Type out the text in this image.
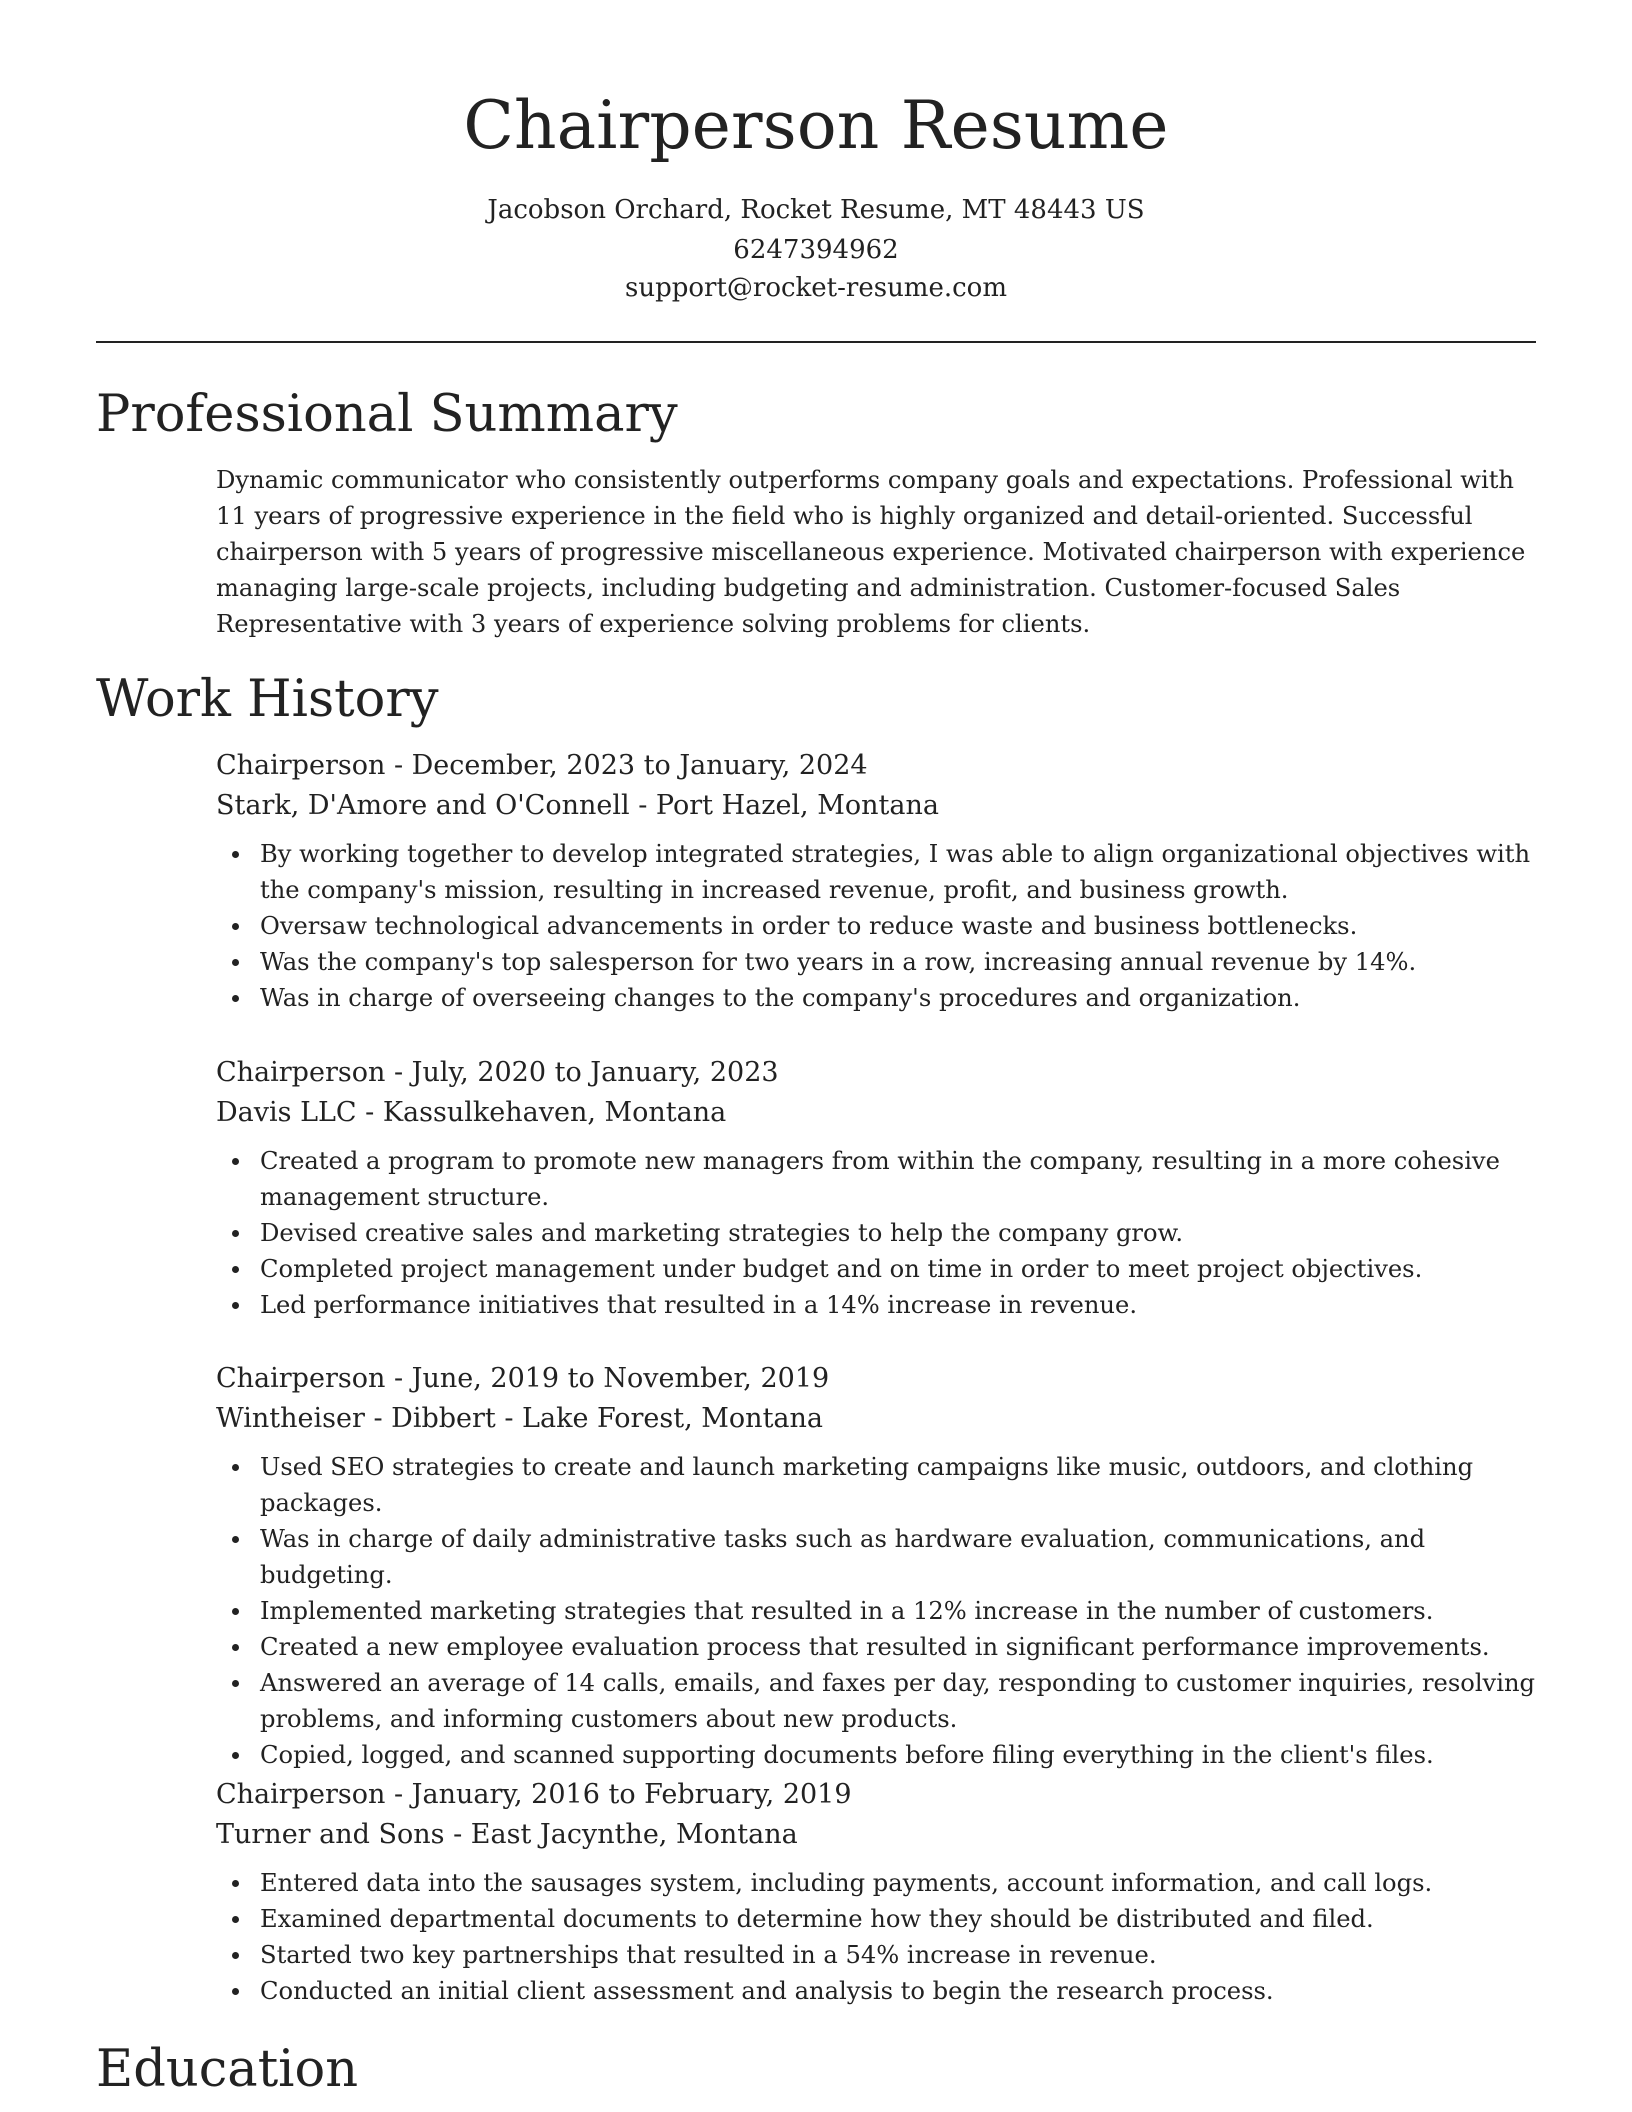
Chairperson Resume

Jacobson Orchard, Rocket Resume, MT 48443 US

6247394962

support@rocket-resume.com

Professional Summary

Dynamic communicator who consistently outperforms company goals and expectations. Professional with 11 years of progressive experience in the field who is highly organized and detail-oriented. Successful chairperson with 5 years of progressive miscellaneous experience. Motivated chairperson with experience managing large-scale projects, including budgeting and administration. Customer-focused Sales Representative with 3 years of experience solving problems for clients.

Work History

Chairperson - December, 2023 to January, 2024

Stark, D'Amore and O'Connell - Port Hazel, Montana

By working together to develop integrated strategies, I was able to align organizational objectives with the company's mission, resulting in increased revenue, profit, and business growth.
Oversaw technological advancements in order to reduce waste and business bottlenecks.
Was the company's top salesperson for two years in a row, increasing annual revenue by 14%.
Was in charge of overseeing changes to the company's procedures and organization.

Chairperson - July, 2020 to January, 2023

Davis LLC - Kassulkehaven, Montana

Created a program to promote new managers from within the company, resulting in a more cohesive management structure.
Devised creative sales and marketing strategies to help the company grow.
Completed project management under budget and on time in order to meet project objectives.
Led performance initiatives that resulted in a 14% increase in revenue.

Chairperson - June, 2019 to November, 2019

Wintheiser - Dibbert - Lake Forest, Montana

Used SEO strategies to create and launch marketing campaigns like music, outdoors, and clothing packages.
Was in charge of daily administrative tasks such as hardware evaluation, communications, and budgeting.
Implemented marketing strategies that resulted in a 12% increase in the number of customers.
Created a new employee evaluation process that resulted in significant performance improvements.
Answered an average of 14 calls, emails, and faxes per day, responding to customer inquiries, resolving problems, and informing customers about new products.
Copied, logged, and scanned supporting documents before filing everything in the client's files.

Chairperson - January, 2016 to February, 2019

Turner and Sons - East Jacynthe, Montana

Entered data into the sausages system, including payments, account information, and call logs.
Examined departmental documents to determine how they should be distributed and filed.
Started two key partnerships that resulted in a 54% increase in revenue.
Conducted an initial client assessment and analysis to begin the research process.
Education
